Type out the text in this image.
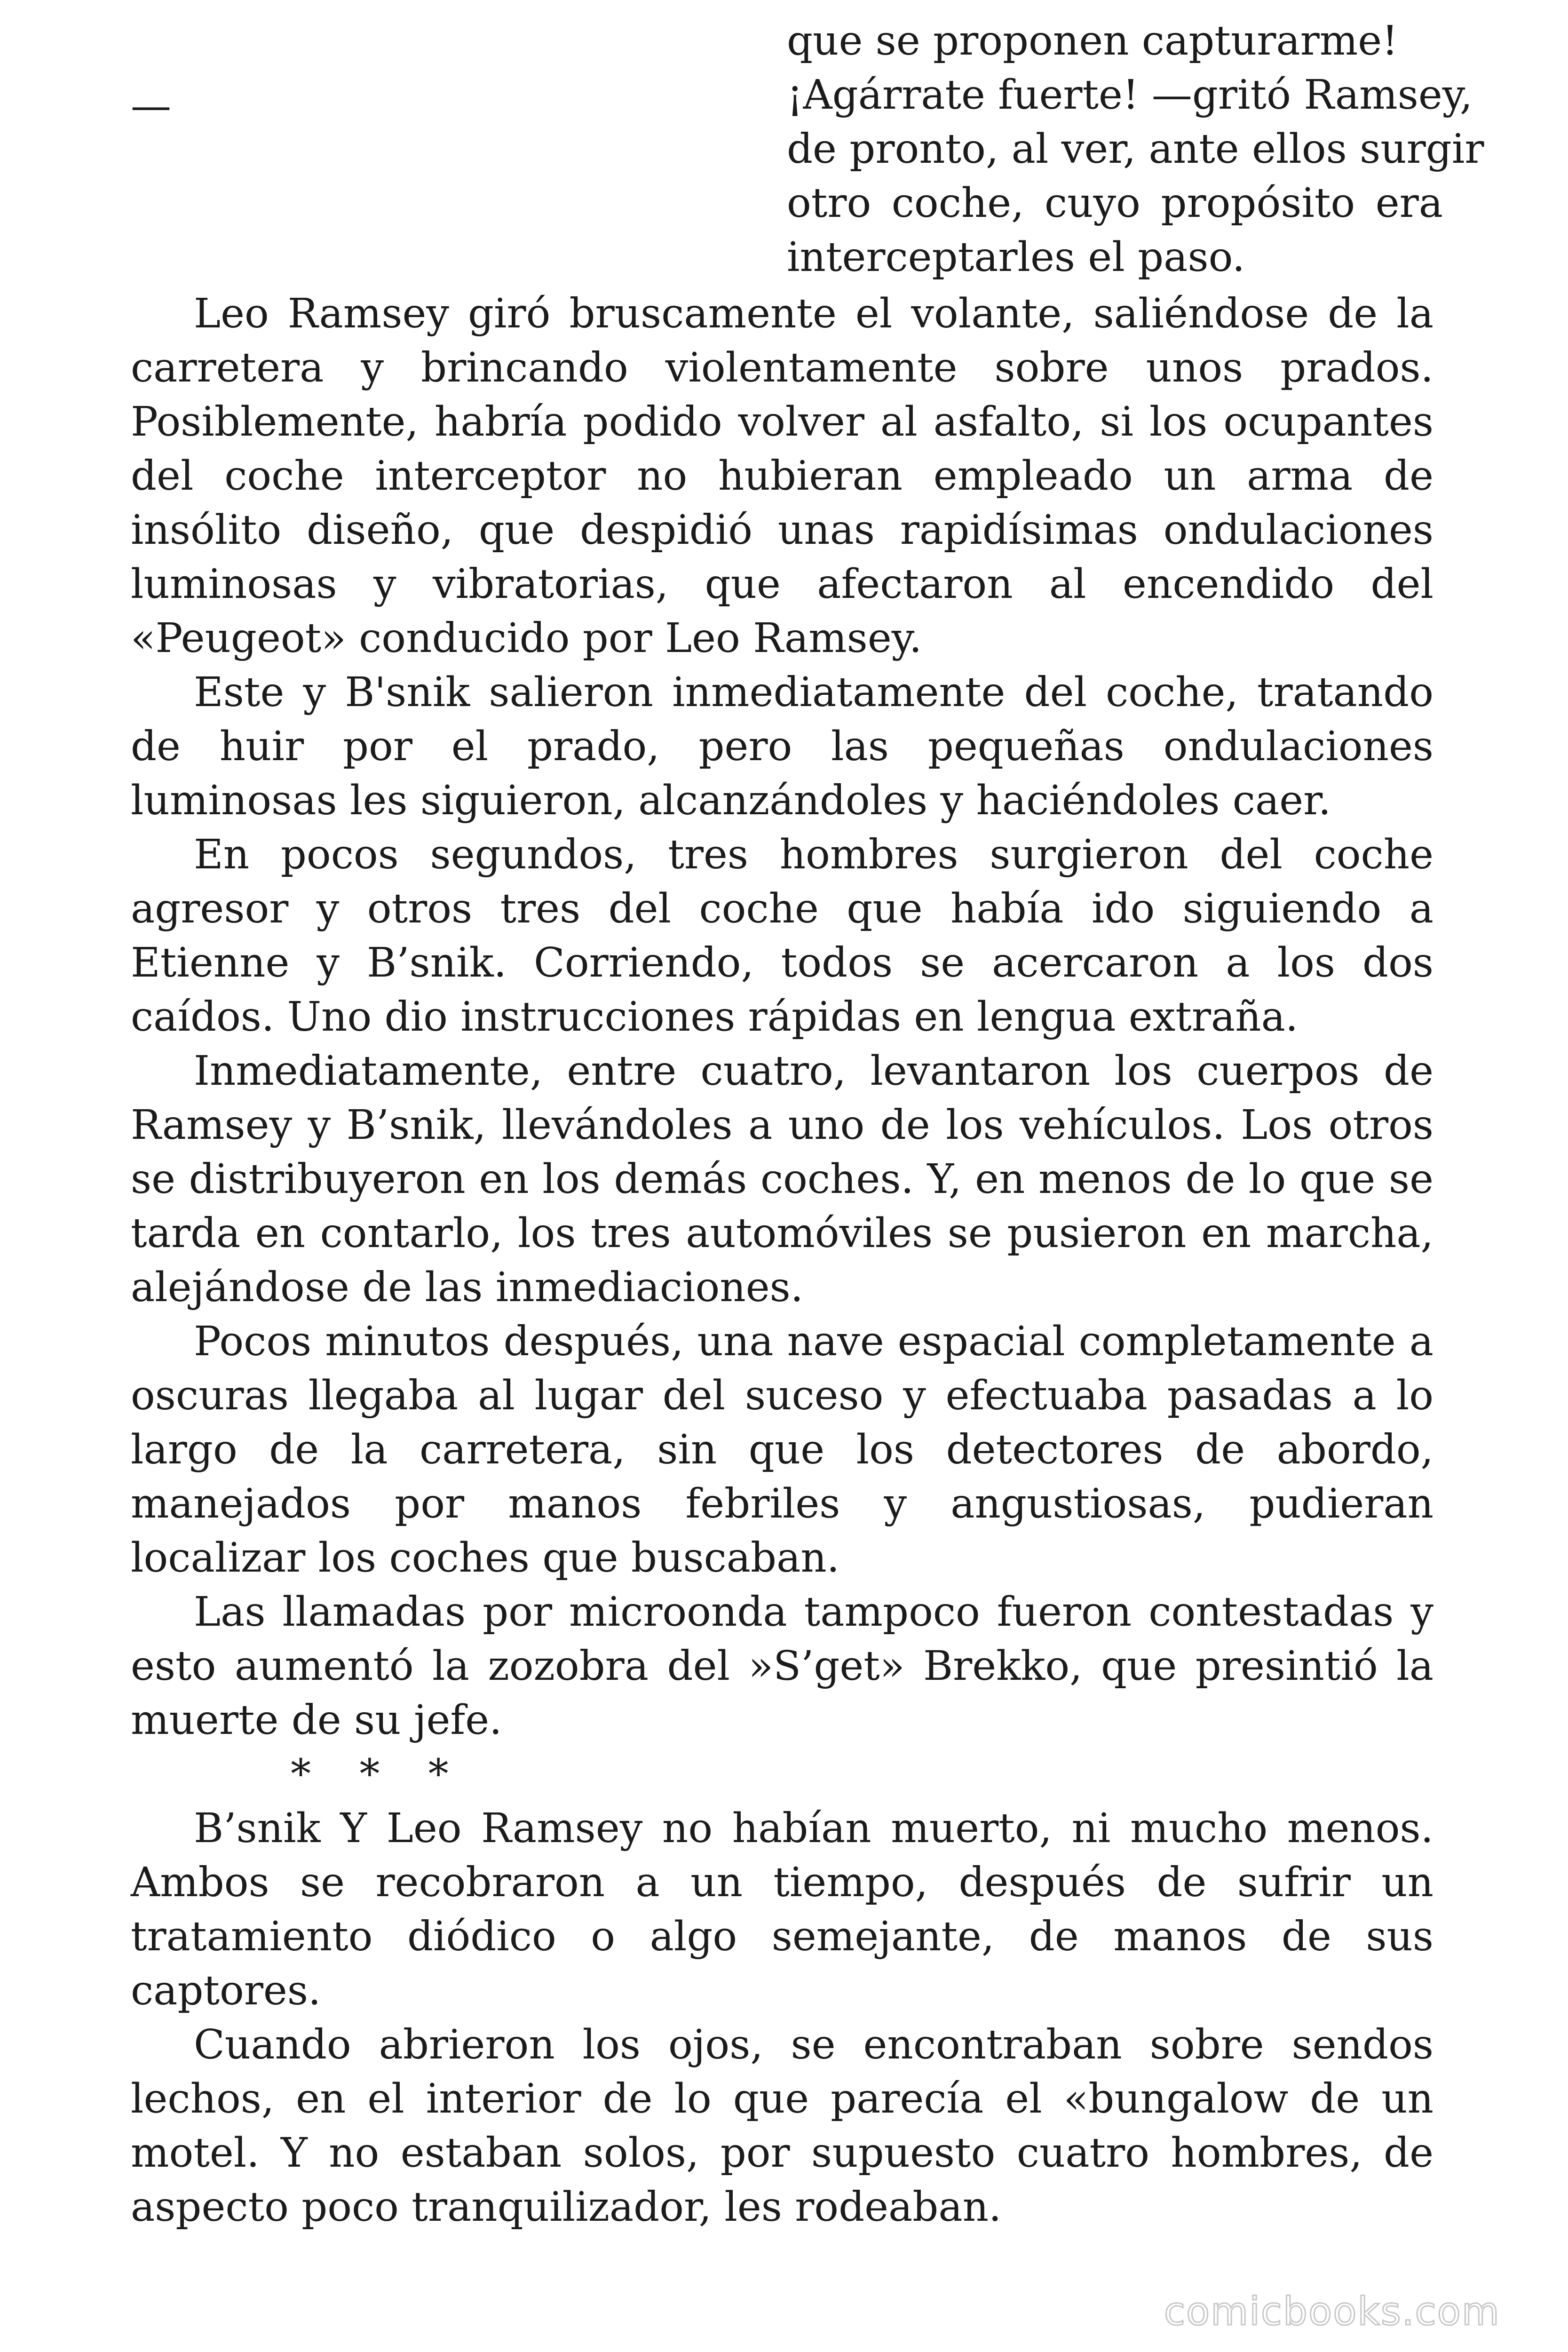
—
que se proponen capturarme!
¡Agárrate fuerte! —gritó Ramsey,
de pronto, al ver, ante ellos surgir
otro coche, cuyo propósito era
interceptarles el paso.

Leo Ramsey giró bruscamente el volante, saliéndose de la carretera y brincando violentamente sobre unos prados. Posiblemente, habría podido volver al asfalto, si los ocupantes del coche interceptor no hubieran empleado un arma de insólito diseño, que despidió unas rapidísimas ondulaciones luminosas y vibratorias, que afectaron al encendido del «Peugeot» conducido por Leo Ramsey.

Este y B'snik salieron inmediatamente del coche, tratando de huir por el prado, pero las pequeñas ondulaciones luminosas les siguieron, alcanzándoles y haciéndoles caer.

En pocos segundos, tres hombres surgieron del coche agresor y otros tres del coche que había ido siguiendo a Etienne y B’snik. Corriendo, todos se acercaron a los dos caídos. Uno dio instrucciones rápidas en lengua extraña.

Inmediatamente, entre cuatro, levantaron los cuerpos de Ramsey y B’snik, llevándoles a uno de los vehículos. Los otros se distribuyeron en los demás coches. Y, en menos de lo que se tarda en contarlo, los tres automóviles se pusieron en marcha, alejándose de las inmediaciones.

Pocos minutos después, una nave espacial completamente a oscuras llegaba al lugar del suceso y efectuaba pasadas a lo largo de la carretera, sin que los detectores de abordo, manejados por manos febriles y angustiosas, pudieran localizar los coches que buscaban.

Las llamadas por microonda tampoco fueron contestadas y esto aumentó la zozobra del »S’get» Brekko, que presintió la muerte de su jefe.

* * *

B’snik Y Leo Ramsey no habían muerto, ni mucho menos. Ambos se recobraron a un tiempo, después de sufrir un tratamiento diódico o algo semejante, de manos de sus captores.

Cuando abrieron los ojos, se encontraban sobre sendos lechos, en el interior de lo que parecía el «bungalow de un motel. Y no estaban solos, por supuesto cuatro hombres, de aspecto poco tranquilizador, les rodeaban.

comicbooks.com
